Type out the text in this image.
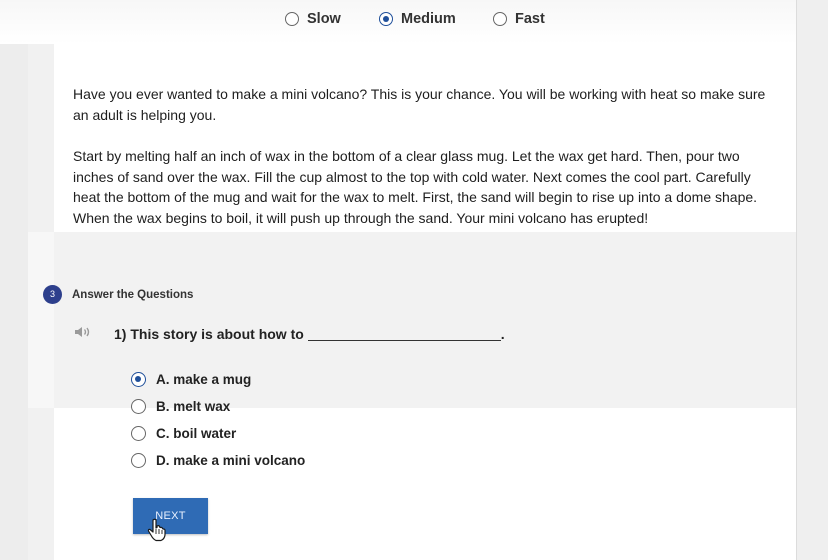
Slow	Medium	Fast
Have you ever wanted to make a mini volcano? This is your chance. You will be working with heat so make sure an adult is helping you.
Start by melting half an inch of wax in the bottom of a clear glass mug. Let the wax get hard. Then, pour two inches of sand over the wax. Fill the cup almost to the top with cold water. Next comes the cool part. Carefully heat the bottom of the mug and wait for the wax to melt. First, the sand will begin to rise up into a dome shape. When the wax begins to boil, it will push up through the sand. Your mini volcano has erupted!
3	Answer the Questions
1) This story is about how to	.
A. make a mug
B. melt wax
C. boil water
D. make a mini volcano
NEXT
